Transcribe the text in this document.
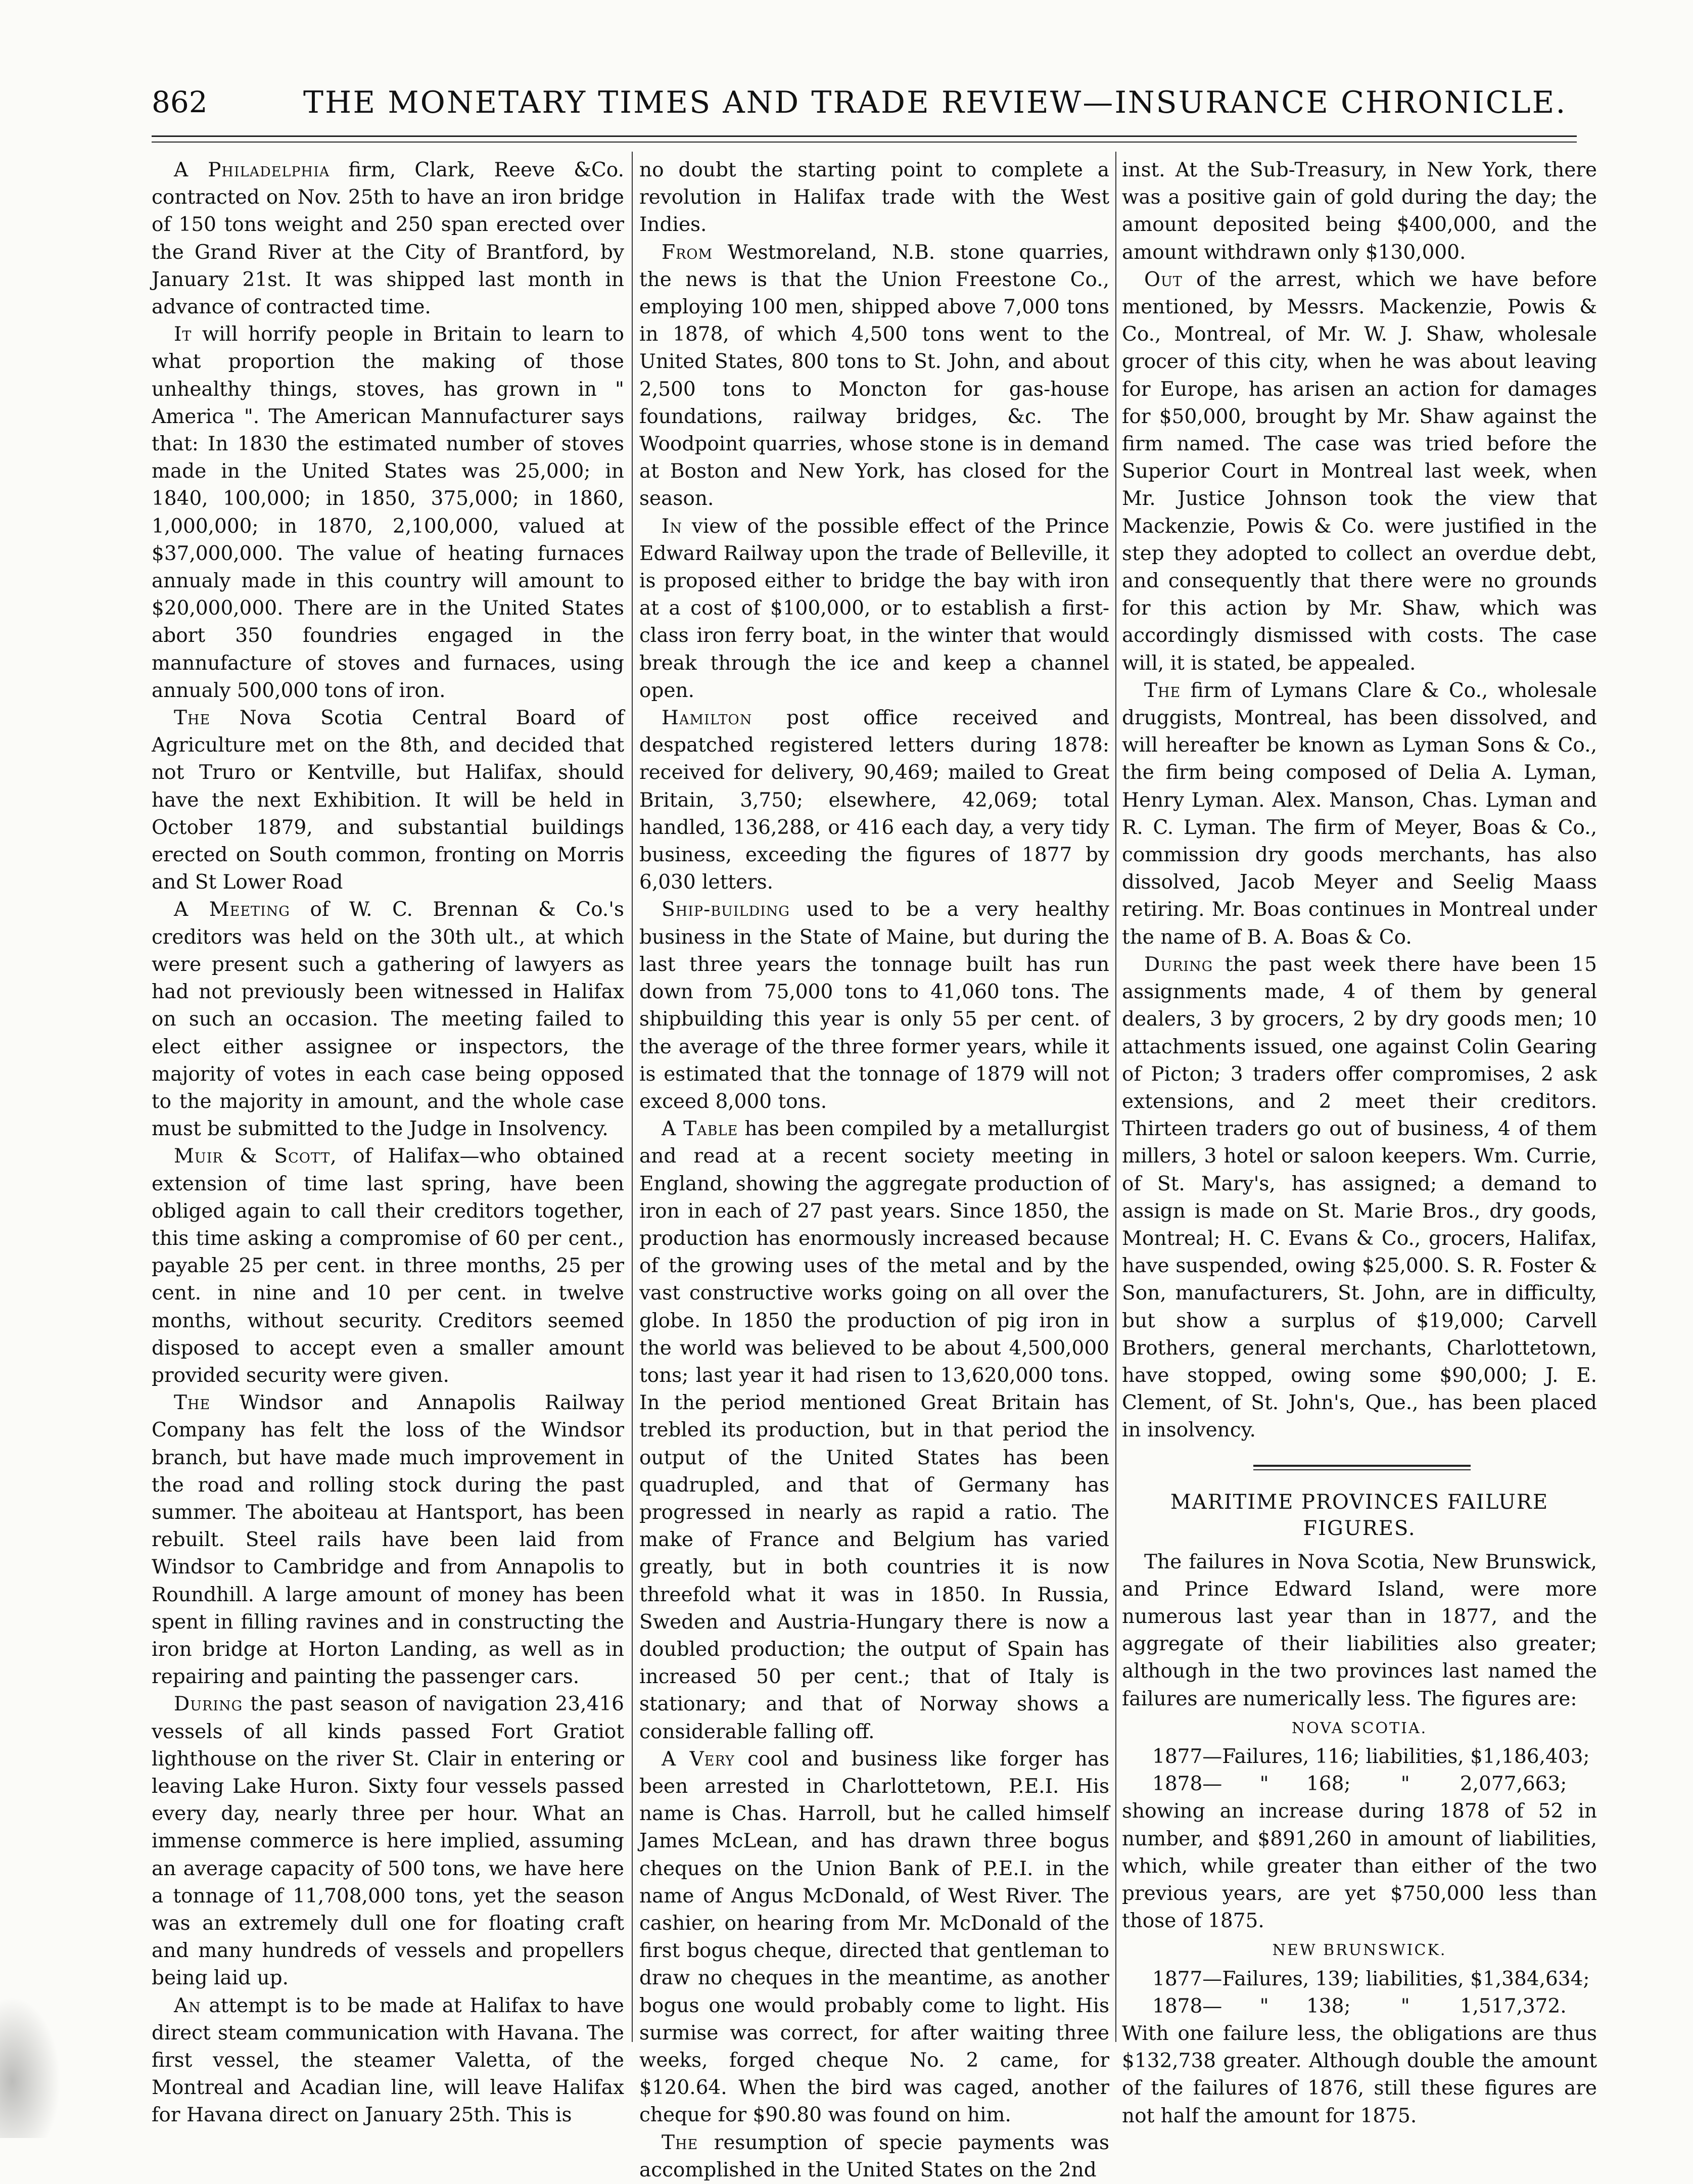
862	THE MONETARY TIMES AND TRADE REVIEW—INSURANCE CHRONICLE.

A Philadelphia firm, Clark, Reeve &Co. contracted on Nov. 25th to have an iron bridge of 150 tons weight and 250 span erected over the Grand River at the City of Brantford, by January 21st. It was shipped last month in advance of contracted time.

It will horrify people in Britain to learn to what proportion the making of those unhealthy things, stoves, has grown in " America ". The American Mannufacturer says that: In 1830 the estimated number of stoves made in the United States was 25,000; in 1840, 100,000; in 1850, 375,000; in 1860, 1,000,000; in 1870, 2,100,000, valued at $37,000,000. The value of heating furnaces annualy made in this country will amount to $20,000,000. There are in the United States abort 350 foundries engaged in the mannufacture of stoves and furnaces, using annualy 500,000 tons of iron.

The Nova Scotia Central Board of Agriculture met on the 8th, and decided that not Truro or Kentville, but Halifax, should have the next Exhibition. It will be held in October 1879, and substantial buildings erected on South common, fronting on Morris and St Lower Road

A Meeting of W. C. Brennan & Co.'s creditors was held on the 30th ult., at which were present such a gathering of lawyers as had not previously been witnessed in Halifax on such an occasion. The meeting failed to elect either assignee or inspectors, the majority of votes in each case being opposed to the majority in amount, and the whole case must be submitted to the Judge in Insolvency.

Muir & Scott, of Halifax—who obtained extension of time last spring, have been obliged again to call their creditors together, this time asking a compromise of 60 per cent., payable 25 per cent. in three months, 25 per cent. in nine and 10 per cent. in twelve months, without security. Creditors seemed disposed to accept even a smaller amount provided security were given.

The Windsor and Annapolis Railway Company has felt the loss of the Windsor branch, but have made much improvement in the road and rolling stock during the past summer. The aboiteau at Hantsport, has been rebuilt. Steel rails have been laid from Windsor to Cambridge and from Annapolis to Roundhill. A large amount of money has been spent in filling ravines and in constructing the iron bridge at Horton Landing, as well as in repairing and painting the passenger cars.

During the past season of navigation 23,416 vessels of all kinds passed Fort Gratiot lighthouse on the river St. Clair in entering or leaving Lake Huron. Sixty four vessels passed every day, nearly three per hour. What an immense commerce is here implied, assuming an average capacity of 500 tons, we have here a tonnage of 11,708,000 tons, yet the season was an extremely dull one for floating craft and many hundreds of vessels and propellers being laid up.

An attempt is to be made at Halifax to have direct steam communication with Havana. The first vessel, the steamer Valetta, of the Montreal and Acadian line, will leave Halifax for Havana direct on January 25th. This is

no doubt the starting point to complete a revolution in Halifax trade with the West Indies.

From Westmoreland, N.B. stone quarries, the news is that the Union Freestone Co., employing 100 men, shipped above 7,000 tons in 1878, of which 4,500 tons went to the United States, 800 tons to St. John, and about 2,500 tons to Moncton for gas-house foundations, railway bridges, &c. The Woodpoint quarries, whose stone is in demand at Boston and New York, has closed for the season.

In view of the possible effect of the Prince Edward Railway upon the trade of Belleville, it is proposed either to bridge the bay with iron at a cost of $100,000, or to establish a first-class iron ferry boat, in the winter that would break through the ice and keep a channel open.

Hamilton post office received and despatched registered letters during 1878: received for delivery, 90,469; mailed to Great Britain, 3,750; elsewhere, 42,069; total handled, 136,288, or 416 each day, a very tidy business, exceeding the figures of 1877 by 6,030 letters.

Ship-building used to be a very healthy business in the State of Maine, but during the last three years the tonnage built has run down from 75,000 tons to 41,060 tons. The shipbuilding this year is only 55 per cent. of the average of the three former years, while it is estimated that the tonnage of 1879 will not exceed 8,000 tons.

A Table has been compiled by a metallurgist and read at a recent society meeting in England, showing the aggregate production of iron in each of 27 past years. Since 1850, the production has enormously increased because of the growing uses of the metal and by the vast constructive works going on all over the globe. In 1850 the production of pig iron in the world was believed to be about 4,500,000 tons; last year it had risen to 13,620,000 tons. In the period mentioned Great Britain has trebled its production, but in that period the output of the United States has been quadrupled, and that of Germany has progressed in nearly as rapid a ratio. The make of France and Belgium has varied greatly, but in both countries it is now threefold what it was in 1850. In Russia, Sweden and Austria-Hungary there is now a doubled production; the output of Spain has increased 50 per cent.; that of Italy is stationary; and that of Norway shows a considerable falling off.

A Very cool and business like forger has been arrested in Charlottetown, P.E.I. His name is Chas. Harroll, but he called himself James McLean, and has drawn three bogus cheques on the Union Bank of P.E.I. in the name of Angus McDonald, of West River. The cashier, on hearing from Mr. McDonald of the first bogus cheque, directed that gentleman to draw no cheques in the meantime, as another bogus one would probably come to light. His surmise was correct, for after waiting three weeks, forged cheque No. 2 came, for $120.64. When the bird was caged, another cheque for $90.80 was found on him.

The resumption of specie payments was accomplished in the United States on the 2nd

inst. At the Sub-Treasury, in New York, there was a positive gain of gold during the day; the amount deposited being $400,000, and the amount withdrawn only $130,000.

Out of the arrest, which we have before mentioned, by Messrs. Mackenzie, Powis & Co., Montreal, of Mr. W. J. Shaw, wholesale grocer of this city, when he was about leaving for Europe, has arisen an action for damages for $50,000, brought by Mr. Shaw against the firm named. The case was tried before the Superior Court in Montreal last week, when Mr. Justice Johnson took the view that Mackenzie, Powis & Co. were justified in the step they adopted to collect an overdue debt, and consequently that there were no grounds for this action by Mr. Shaw, which was accordingly dismissed with costs. The case will, it is stated, be appealed.

The firm of Lymans Clare & Co., wholesale druggists, Montreal, has been dissolved, and will hereafter be known as Lyman Sons & Co., the firm being composed of Delia A. Lyman, Henry Lyman. Alex. Manson, Chas. Lyman and R. C. Lyman. The firm of Meyer, Boas & Co., commission dry goods merchants, has also dissolved, Jacob Meyer and Seelig Maass retiring. Mr. Boas continues in Montreal under the name of B. A. Boas & Co.

During the past week there have been 15 assignments made, 4 of them by general dealers, 3 by grocers, 2 by dry goods men; 10 attachments issued, one against Colin Gearing of Picton; 3 traders offer compromises, 2 ask extensions, and 2 meet their creditors. Thirteen traders go out of business, 4 of them millers, 3 hotel or saloon keepers. Wm. Currie, of St. Mary's, has assigned; a demand to assign is made on St. Marie Bros., dry goods, Montreal; H. C. Evans & Co., grocers, Halifax, have suspended, owing $25,000. S. R. Foster & Son, manufacturers, St. John, are in difficulty, but show a surplus of $19,000; Carvell Brothers, general merchants, Charlottetown, have stopped, owing some $90,000; J. E. Clement, of St. John's, Que., has been placed in insolvency.

MARITIME PROVINCES FAILURE FIGURES.

The failures in Nova Scotia, New Brunswick, and Prince Edward Island, were more numerous last year than in 1877, and the aggregate of their liabilities also greater; although in the two provinces last named the failures are numerically less. The figures are:

NOVA SCOTIA.

1877—Failures, 116; liabilities, $1,186,403;

1878—      "      168;        "        2,077,663;

showing an increase during 1878 of 52 in number, and $891,260 in amount of liabilities, which, while greater than either of the two previous years, are yet $750,000 less than those of 1875.

NEW BRUNSWICK.

1877—Failures, 139; liabilities, $1,384,634;

1878—      "      138;        "        1,517,372.

With one failure less, the obligations are thus $132,738 greater. Although double the amount of the failures of 1876, still these figures are not half the amount for 1875.
